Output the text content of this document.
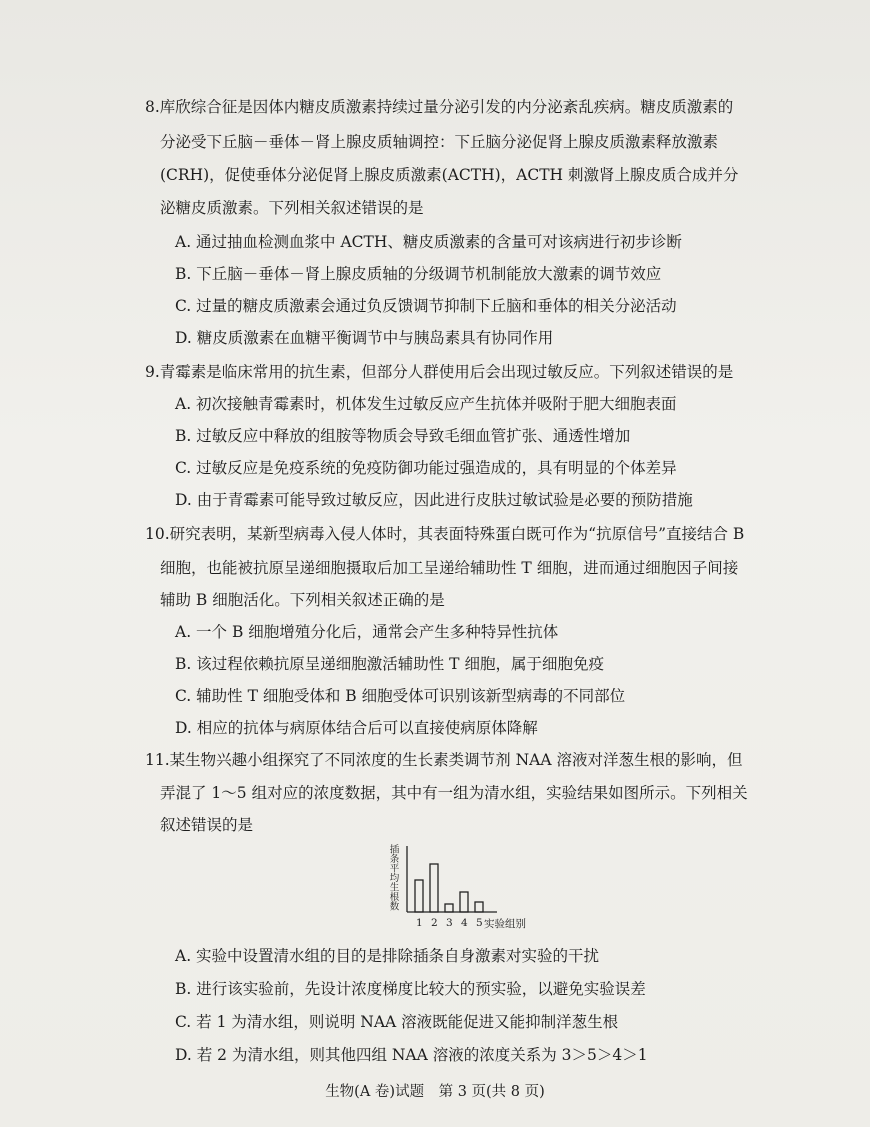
8.库欣综合征是因体内糖皮质激素持续过量分泌引发的内分泌紊乱疾病。糖皮质激素的
分泌受下丘脑－垂体－肾上腺皮质轴调控：下丘脑分泌促肾上腺皮质激素释放激素
(CRH)，促使垂体分泌促肾上腺皮质激素(ACTH)，ACTH 刺激肾上腺皮质合成并分
泌糖皮质激素。下列相关叙述错误的是
A. 通过抽血检测血浆中 ACTH、糖皮质激素的含量可对该病进行初步诊断
B. 下丘脑－垂体－肾上腺皮质轴的分级调节机制能放大激素的调节效应
C. 过量的糖皮质激素会通过负反馈调节抑制下丘脑和垂体的相关分泌活动
D. 糖皮质激素在血糖平衡调节中与胰岛素具有协同作用
9.青霉素是临床常用的抗生素，但部分人群使用后会出现过敏反应。下列叙述错误的是
A. 初次接触青霉素时，机体发生过敏反应产生抗体并吸附于肥大细胞表面
B. 过敏反应中释放的组胺等物质会导致毛细血管扩张、通透性增加
C. 过敏反应是免疫系统的免疫防御功能过强造成的，具有明显的个体差异
D. 由于青霉素可能导致过敏反应，因此进行皮肤过敏试验是必要的预防措施
10.研究表明，某新型病毒入侵人体时，其表面特殊蛋白既可作为“抗原信号”直接结合 B
细胞，也能被抗原呈递细胞摄取后加工呈递给辅助性 T 细胞，进而通过细胞因子间接
辅助 B 细胞活化。下列相关叙述正确的是
A. 一个 B 细胞增殖分化后，通常会产生多种特异性抗体
B. 该过程依赖抗原呈递细胞激活辅助性 T 细胞，属于细胞免疫
C. 辅助性 T 细胞受体和 B 细胞受体可识别该新型病毒的不同部位
D. 相应的抗体与病原体结合后可以直接使病原体降解
11.某生物兴趣小组探究了不同浓度的生长素类调节剂 NAA 溶液对洋葱生根的影响，但
弄混了 1～5 组对应的浓度数据，其中有一组为清水组，实验结果如图所示。下列相关
叙述错误的是
插条平均生根数
1 2 3 4 5 实验组别
A. 实验中设置清水组的目的是排除插条自身激素对实验的干扰
B. 进行该实验前，先设计浓度梯度比较大的预实验，以避免实验误差
C. 若 1 为清水组，则说明 NAA 溶液既能促进又能抑制洋葱生根
D. 若 2 为清水组，则其他四组 NAA 溶液的浓度关系为 3＞5＞4＞1
生物(A 卷)试题　第 3 页(共 8 页)
